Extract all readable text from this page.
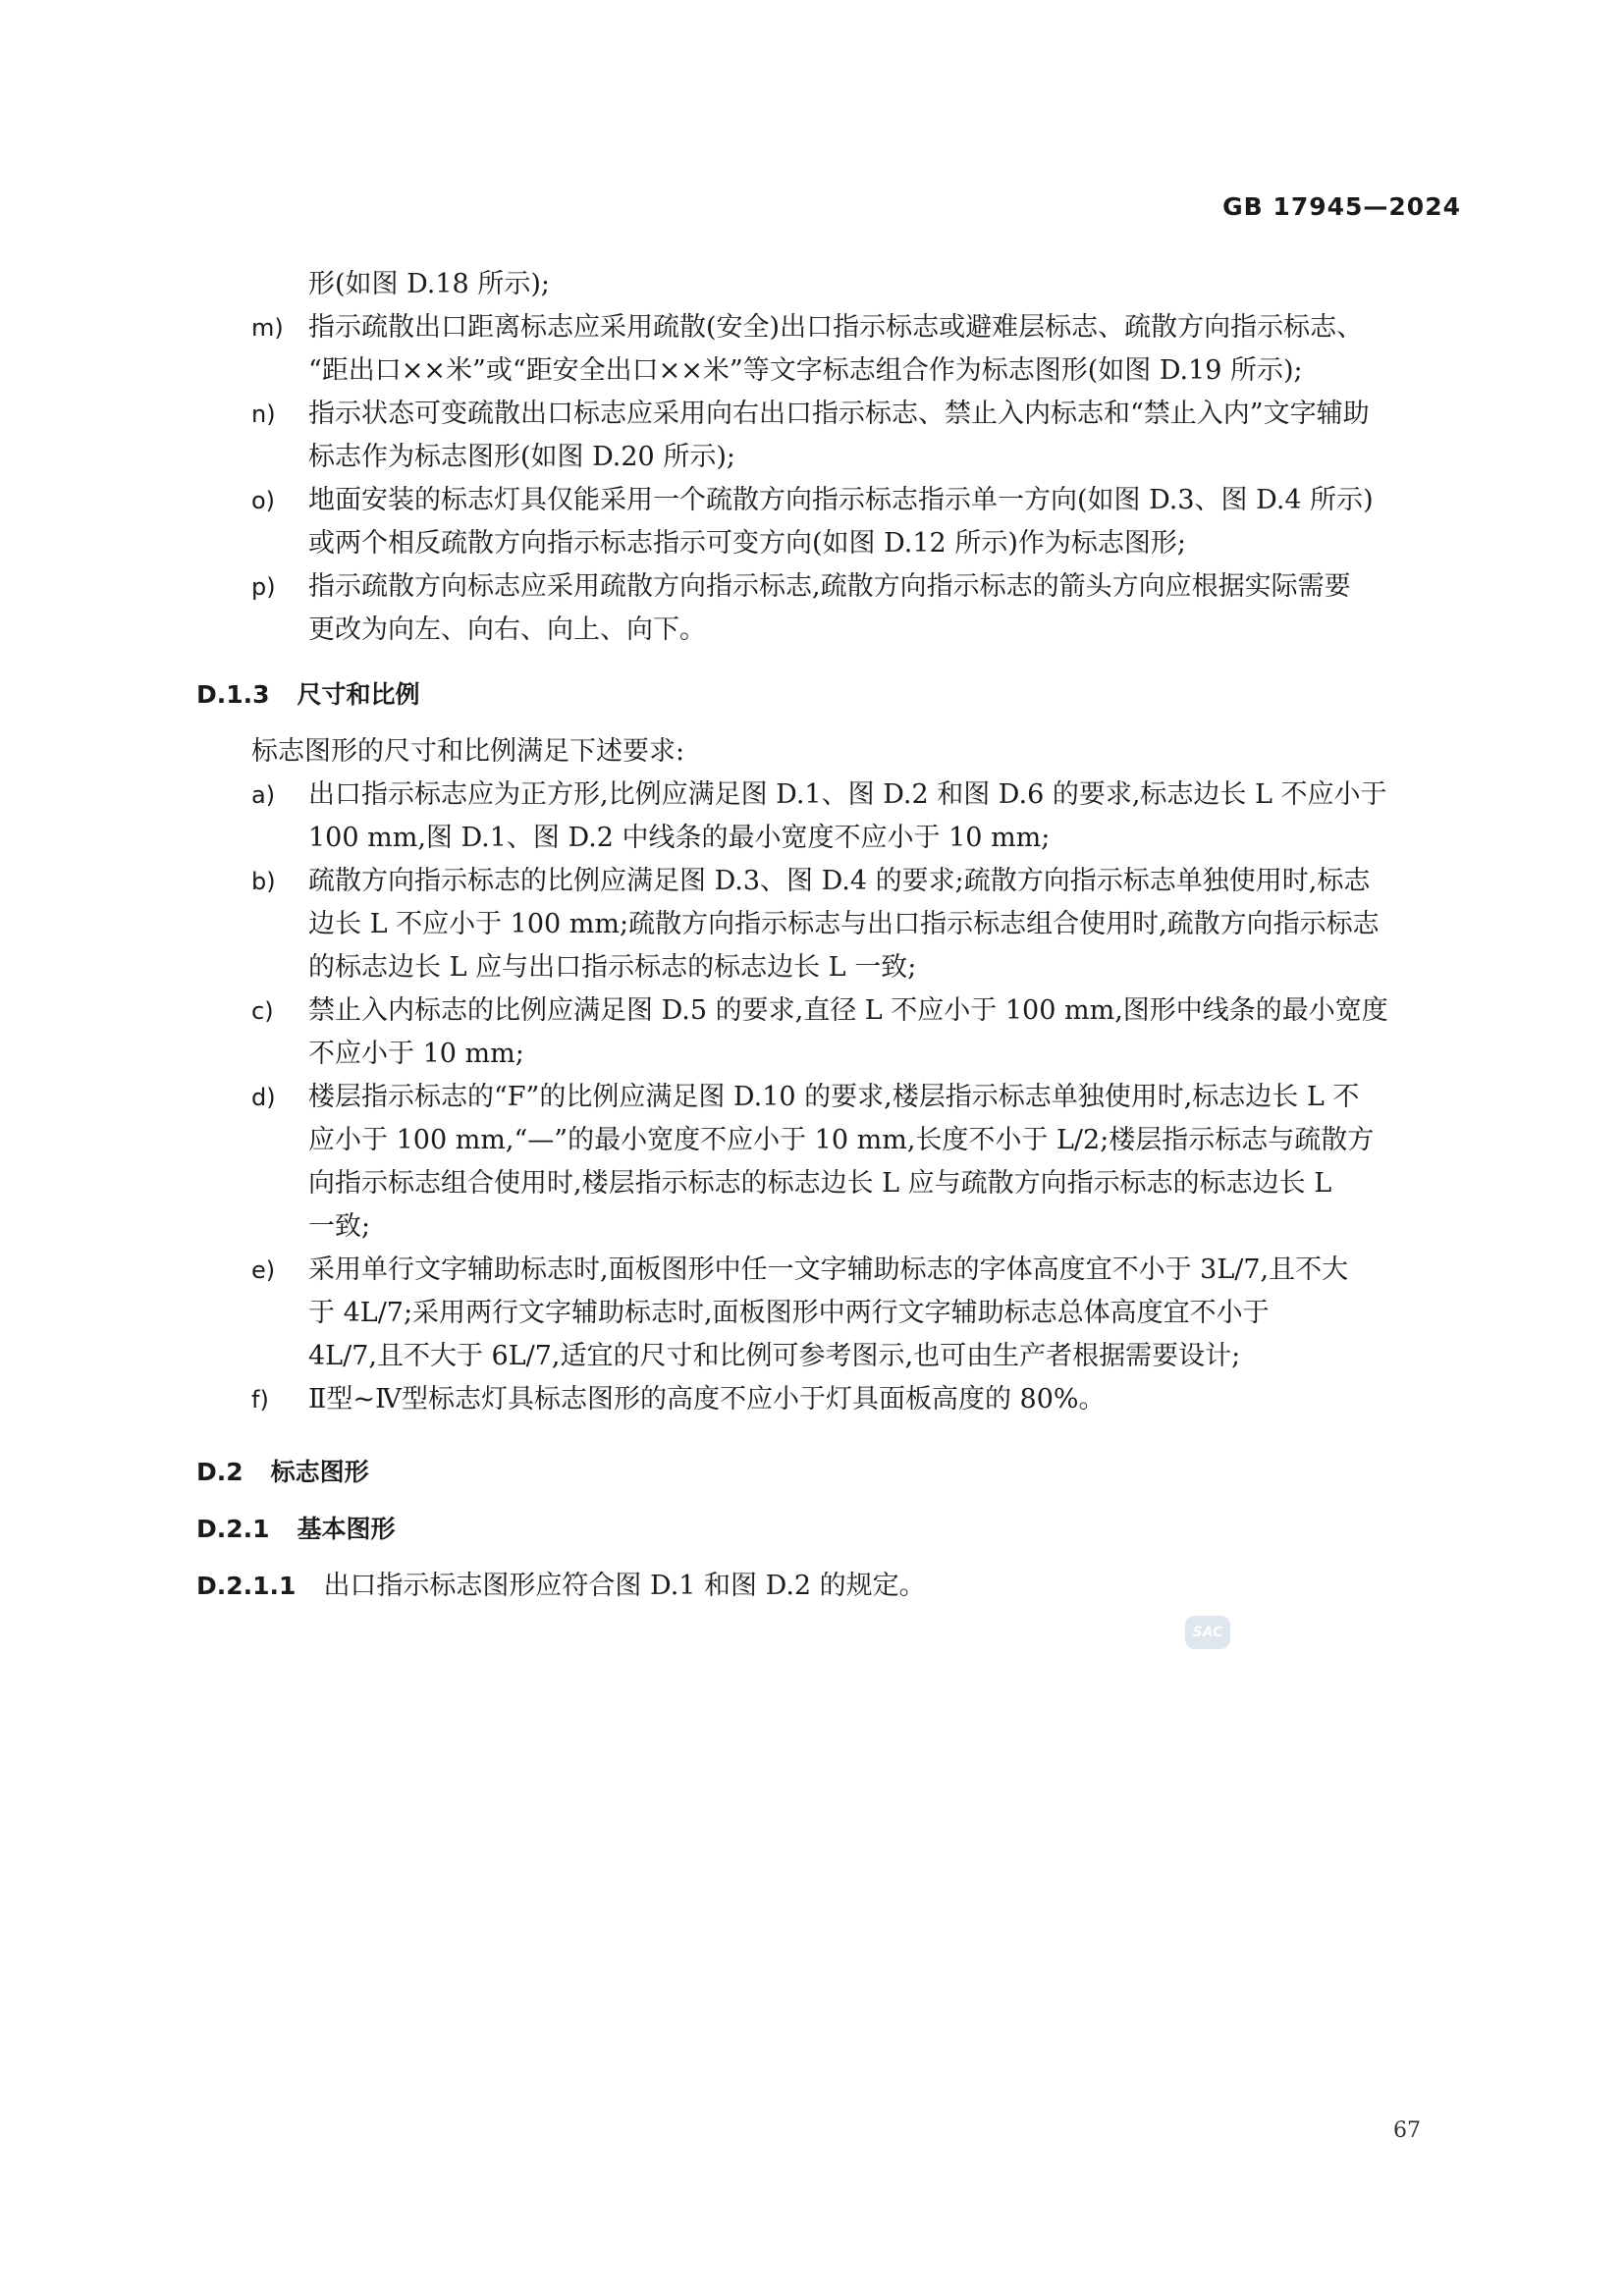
GB 17945—2024
形(如图 D.18 所示);
m) 指示疏散出口距离标志应采用疏散(安全)出口指示标志或避难层标志、疏散方向指示标志、
“距出口××米”或“距安全出口××米”等文字标志组合作为标志图形(如图 D.19 所示);
n) 指示状态可变疏散出口标志应采用向右出口指示标志、禁止入内标志和“禁止入内”文字辅助
标志作为标志图形(如图 D.20 所示);
o) 地面安装的标志灯具仅能采用一个疏散方向指示标志指示单一方向(如图 D.3、图 D.4 所示)
或两个相反疏散方向指示标志指示可变方向(如图 D.12 所示)作为标志图形;
p) 指示疏散方向标志应采用疏散方向指示标志,疏散方向指示标志的箭头方向应根据实际需要
更改为向左、向右、向上、向下。
D.1.3 尺寸和比例
标志图形的尺寸和比例满足下述要求:
a) 出口指示标志应为正方形,比例应满足图 D.1、图 D.2 和图 D.6 的要求,标志边长 L 不应小于
100 mm,图 D.1、图 D.2 中线条的最小宽度不应小于 10 mm;
b) 疏散方向指示标志的比例应满足图 D.3、图 D.4 的要求;疏散方向指示标志单独使用时,标志
边长 L 不应小于 100 mm;疏散方向指示标志与出口指示标志组合使用时,疏散方向指示标志
的标志边长 L 应与出口指示标志的标志边长 L 一致;
c) 禁止入内标志的比例应满足图 D.5 的要求,直径 L 不应小于 100 mm,图形中线条的最小宽度
不应小于 10 mm;
d) 楼层指示标志的“F”的比例应满足图 D.10 的要求,楼层指示标志单独使用时,标志边长 L 不
应小于 100 mm,“—”的最小宽度不应小于 10 mm,长度不小于 L/2;楼层指示标志与疏散方
向指示标志组合使用时,楼层指示标志的标志边长 L 应与疏散方向指示标志的标志边长 L
一致;
e) 采用单行文字辅助标志时,面板图形中任一文字辅助标志的字体高度宜不小于 3L/7,且不大
于 4L/7;采用两行文字辅助标志时,面板图形中两行文字辅助标志总体高度宜不小于
4L/7,且不大于 6L/7,适宜的尺寸和比例可参考图示,也可由生产者根据需要设计;
f) Ⅱ型~Ⅳ型标志灯具标志图形的高度不应小于灯具面板高度的 80%。
D.2 标志图形
D.2.1 基本图形
D.2.1.1 出口指示标志图形应符合图 D.1 和图 D.2 的规定。
SAC
67
